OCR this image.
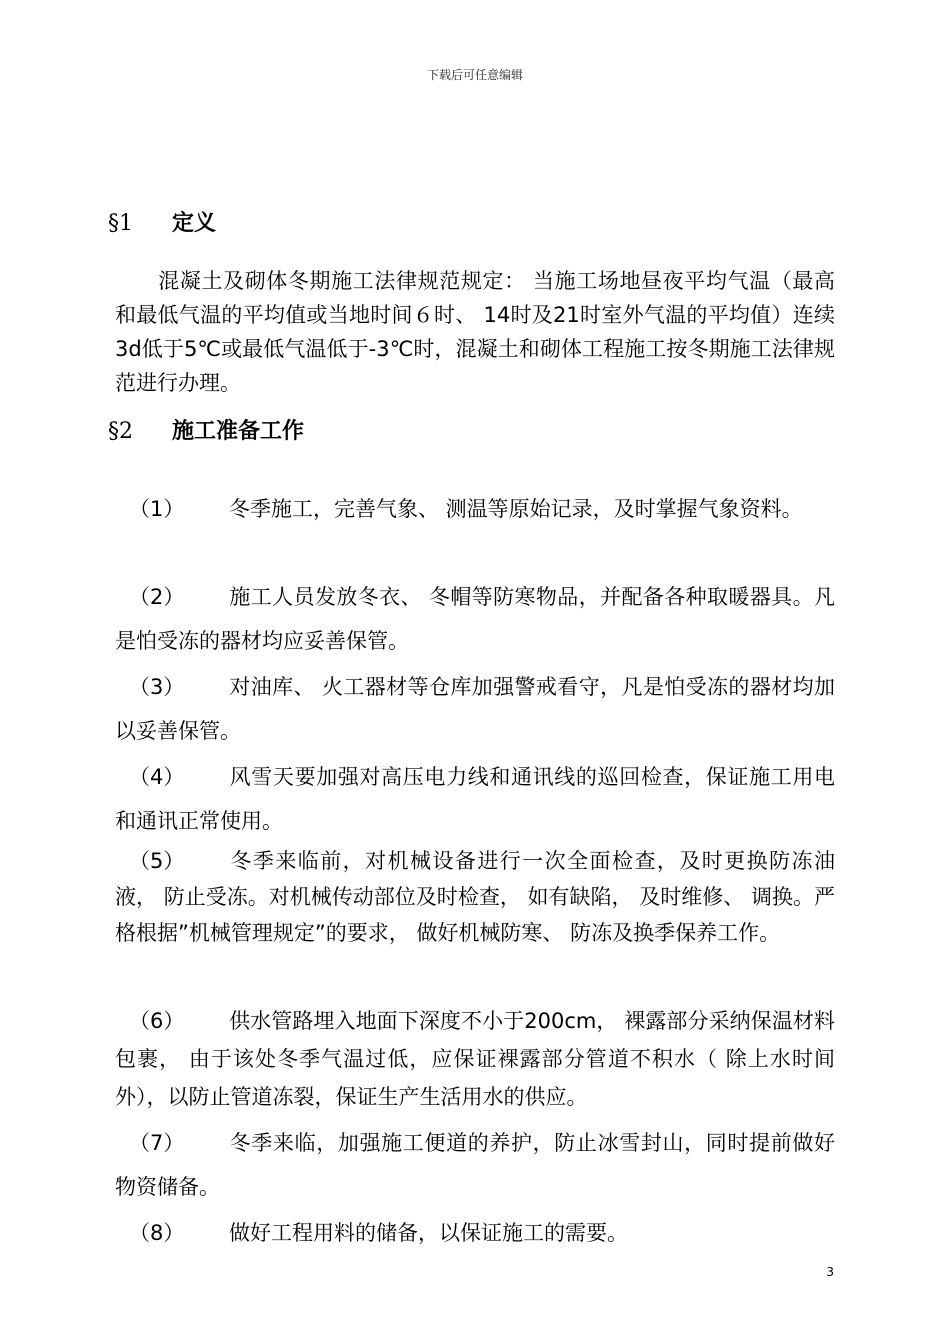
下载后可任意编辑
§1 定义
　　混凝土及砌体冬期施工法律规范规定： 当施工场地昼夜平均气温（最高和最低气温的平均值或当地时间６时、 14时及21时室外气温的平均值）连续3d低于5℃或最低气温低于-3℃时，混凝土和砌体工程施工按冬期施工法律规范进行办理。
§2 施工准备工作
（1） 冬季施工，完善气象、 测温等原始记录，及时掌握气象资料。
（2） 施工人员发放冬衣、 冬帽等防寒物品，并配备各种取暖器具。凡是怕受冻的器材均应妥善保管。
（3） 对油库、 火工器材等仓库加强警戒看守，凡是怕受冻的器材均加以妥善保管。
（4） 风雪天要加强对高压电力线和通讯线的巡回检查，保证施工用电和通讯正常使用。
（5） 冬季来临前，对机械设备进行一次全面检查，及时更换防冻油液， 防止受冻。对机械传动部位及时检查， 如有缺陷， 及时维修、 调换。严格根据”机械管理规定”的要求， 做好机械防寒、 防冻及换季保养工作。
（6） 供水管路埋入地面下深度不小于200cm， 裸露部分采纳保温材料包裹， 由于该处冬季气温过低，应保证裸露部分管道不积水（ 除上水时间外），以防止管道冻裂，保证生产生活用水的供应。
（7） 冬季来临，加强施工便道的养护，防止冰雪封山，同时提前做好物资储备。
（8） 做好工程用料的储备，以保证施工的需要。
3
